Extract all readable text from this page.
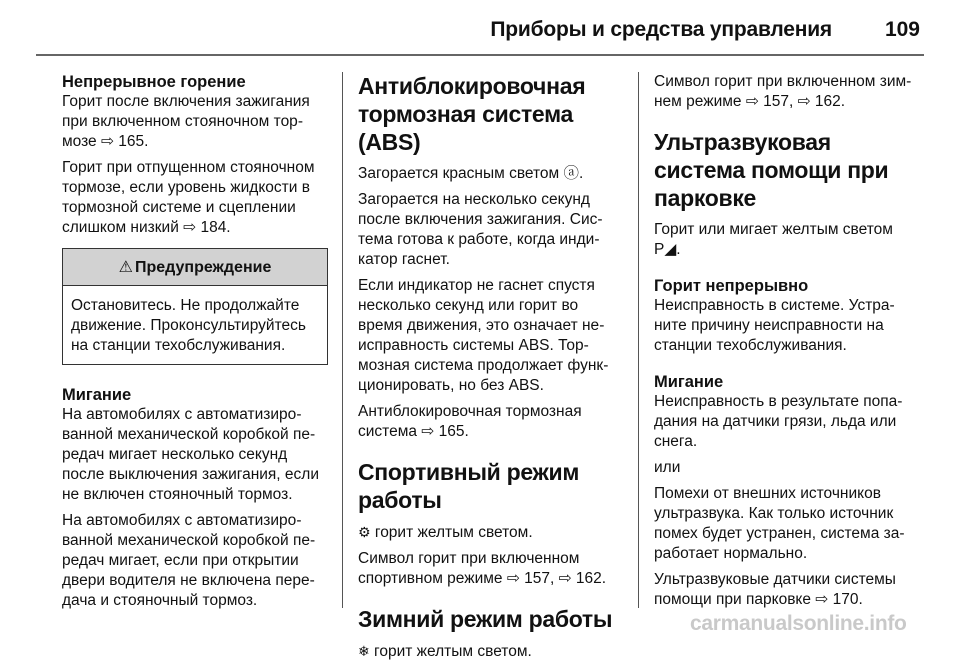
Приборы и средства управления	109
Непрерывное горение

Горит после включения зажигания при включенном стояночном тормозе ⇨ 165.

Горит при отпущенном стояночном тормозе, если уровень жидкости в тормозной системе и сцеплении слишком низкий ⇨ 184.

⚠ Предупреждение

Остановитесь. Не продолжайте движение. Проконсультируйтесь на станции техобслуживания.

Мигание

На автомобилях с автоматизированной механической коробкой передач мигает несколько секунд после выключения зажигания, если не включен стояночный тормоз.

На автомобилях с автоматизированной механической коробкой передач мигает, если при открытии двери водителя не включена передача и стояночный тормоз.

Антиблокировочная тормозная система (ABS)

Загорается красным светом ⓐ.

Загорается на несколько секунд после включения зажигания. Система готова к работе, когда индикатор гаснет.

Если индикатор не гаснет спустя несколько секунд или горит во время движения, это означает неисправность системы ABS. Тормозная система продолжает функционировать, но без ABS.

Антиблокировочная тормозная система ⇨ 165.

Спортивный режим работы

⚙ горит желтым светом.

Символ горит при включенном спортивном режиме ⇨ 157, ⇨ 162.

Зимний режим работы

❄ горит желтым светом.

Символ горит при включенном зимнем режиме ⇨ 157, ⇨ 162.

Ультразвуковая система помощи при парковке

Горит или мигает желтым светом P◢.

Горит непрерывно

Неисправность в системе. Устраните причину неисправности на станции техобслуживания.

Мигание

Неисправность в результате попадания на датчики грязи, льда или снега.

или

Помехи от внешних источников ультразвука. Как только источник помех будет устранен, система заработает нормально.

Ультразвуковые датчики системы помощи при парковке ⇨ 170.

carmanualsonline.info
